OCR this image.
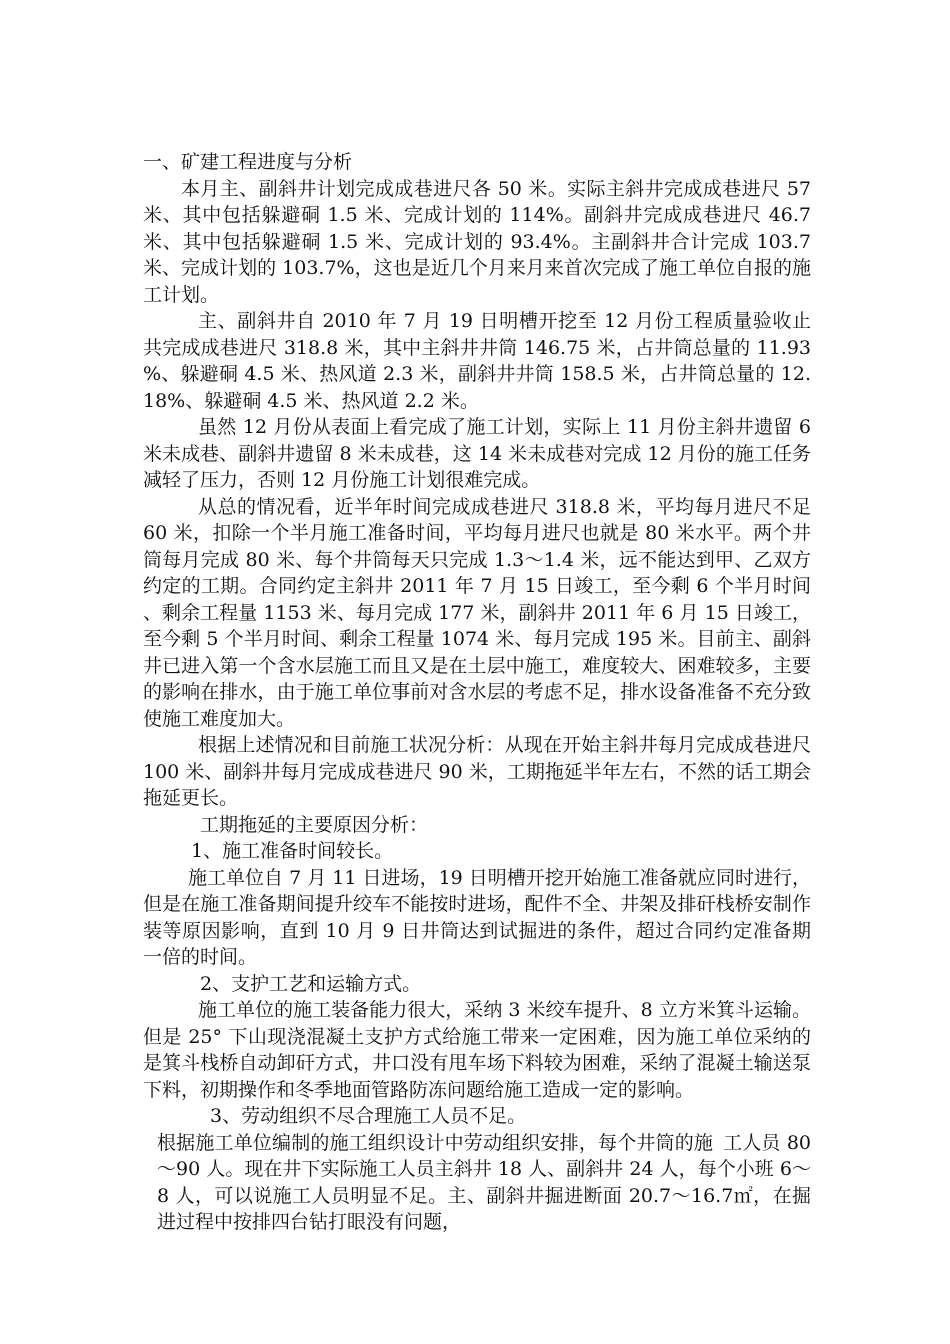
一、矿建工程进度与分析

本月主、副斜井计划完成成巷进尺各 50 米。实际主斜井完成成巷进尺 57 米、其中包括躲避硐 1.5 米、完成计划的 114%。副斜井完成成巷进尺 46.7 米、其中包括躲避硐 1.5 米、完成计划的 93.4%。主副斜井合计完成 103.7 米、完成计划的 103.7%，这也是近几个月来月来首次完成了施工单位自报的施工计划。

主、副斜井自 2010 年 7 月 19 日明槽开挖至 12 月份工程质量验收止共完成成巷进尺 318.8 米，其中主斜井井筒 146.75 米，占井筒总量的 11.93%、躲避硐 4.5 米、热风道 2.3 米，副斜井井筒 158.5 米，占井筒总量的 12.18%、躲避硐 4.5 米、热风道 2.2 米。

虽然 12 月份从表面上看完成了施工计划，实际上 11 月份主斜井遗留 6 米未成巷、副斜井遗留 8 米未成巷，这 14 米未成巷对完成 12 月份的施工任务减轻了压力，否则 12 月份施工计划很难完成。

从总的情况看，近半年时间完成成巷进尺 318.8 米，平均每月进尺不足 60 米，扣除一个半月施工准备时间，平均每月进尺也就是 80 米水平。两个井筒每月完成 80 米、每个井筒每天只完成 1.3～1.4 米，远不能达到甲、乙双方约定的工期。合同约定主斜井 2011 年 7 月 15 日竣工，至今剩 6 个半月时间、剩余工程量 1153 米、每月完成 177 米，副斜井 2011 年 6 月 15 日竣工，至今剩 5 个半月时间、剩余工程量 1074 米、每月完成 195 米。目前主、副斜井已进入第一个含水层施工而且又是在土层中施工，难度较大、困难较多，主要的影响在排水，由于施工单位事前对含水层的考虑不足，排水设备准备不充分致使施工难度加大。

根据上述情况和目前施工状况分析：从现在开始主斜井每月完成成巷进尺 100 米、副斜井每月完成成巷进尺 90 米，工期拖延半年左右，不然的话工期会拖延更长。

工期拖延的主要原因分析：
1、施工准备时间较长。

施工单位自 7 月 11 日进场，19 日明槽开挖开始施工准备就应同时进行，但是在施工准备期间提升绞车不能按时进场，配件不全、井架及排矸栈桥安制作装等原因影响，直到 10 月 9 日井筒达到试掘进的条件，超过合同约定准备期一倍的时间。

2、支护工艺和运输方式。

施工单位的施工装备能力很大，采纳 3 米绞车提升、8 立方米箕斗运输。但是 25° 下山现浇混凝土支护方式给施工带来一定困难，因为施工单位采纳的是箕斗栈桥自动卸矸方式，井口没有甩车场下料较为困难，采纳了混凝土输送泵下料，初期操作和冬季地面管路防冻问题给施工造成一定的影响。

3、劳动组织不尽合理施工人员不足。
根据施工单位编制的施工组织设计中劳动组织安排，每个井筒的施 工人员 80～90 人。现在井下实际施工人员主斜井 18 人、副斜井 24 人，每个小班 6～8 人，可以说施工人员明显不足。主、副斜井掘进断面 20.7～16.7㎡，在掘进过程中按排四台钻打眼没有问题，
